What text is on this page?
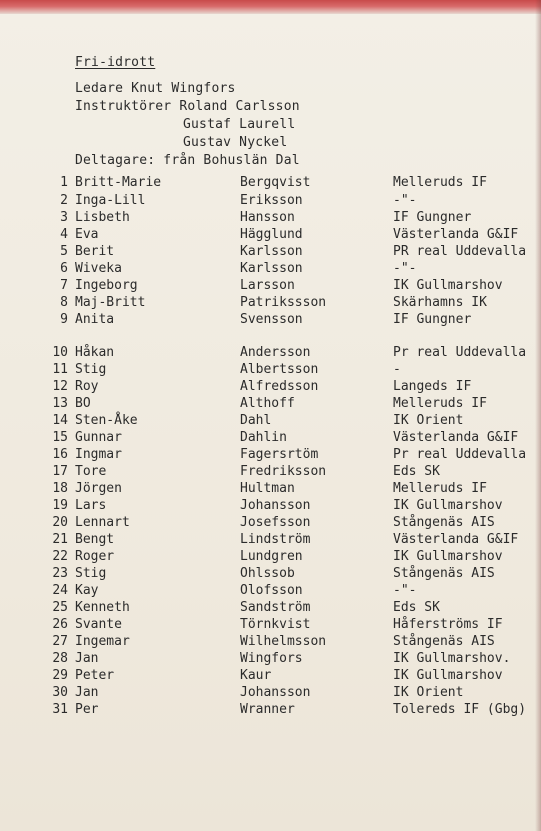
Fri-idrott
Ledare Knut Wingfors
Instruktörer Roland Carlsson
Gustaf Laurell
Gustav Nyckel
Deltagare: från Bohuslän Dal
1 Britt-Marie	Bergqvist	Melleruds IF
2 Inga-Lill	Eriksson	-"-
3 Lisbeth	Hansson	IF Gungner
4 Eva	Hägglund	Västerlanda G&IF
5 Berit	Karlsson	PR real Uddevalla
6 Wiveka	Karlsson	-"-
7 Ingeborg	Larsson	IK Gullmarshov
8 Maj-Britt	Patrikssson	Skärhamns IK
9 Anita	Svensson	IF Gungner
10 Håkan	Andersson	Pr real Uddevalla
11 Stig	Albertsson	-
12 Roy	Alfredsson	Langeds IF
13 BO	Althoff	Melleruds IF
14 Sten-Åke	Dahl	IK Orient
15 Gunnar	Dahlin	Västerlanda G&IF
16 Ingmar	Fagersrtöm	Pr real Uddevalla
17 Tore	Fredriksson	Eds SK
18 Jörgen	Hultman	Melleruds IF
19 Lars	Johansson	IK Gullmarshov
20 Lennart	Josefsson	Stångenäs AIS
21 Bengt	Lindström	Västerlanda G&IF
22 Roger	Lundgren	IK Gullmarshov
23 Stig	Ohlssob	Stångenäs AIS
24 Kay	Olofsson	-"-
25 Kenneth	Sandström	Eds SK
26 Svante	Törnkvist	Håferströms IF
27 Ingemar	Wilhelmsson	Stångenäs AIS
28 Jan	Wingfors	IK Gullmarshov.
29 Peter	Kaur	IK Gullmarshov
30 Jan	Johansson	IK Orient
31 Per	Wranner	Tolereds IF (Gbg)
